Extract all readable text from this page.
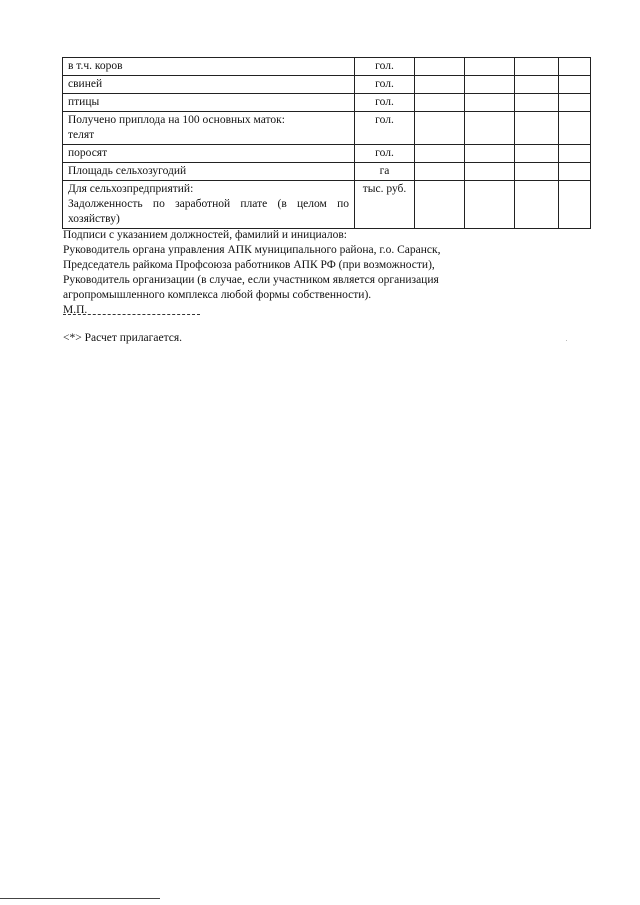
в т.ч. коров	гол.				
свиней	гол.				
птицы	гол.				

Получено приплода на 100 основных маток:
телят	гол.				
поросят	гол.				
Площадь сельхозугодий	га				

Для сельхозпредприятий:
Задолженность по заработной плате (в целом по хозяйству)	тыс. руб.				
Подписи с указанием должностей, фамилий и инициалов:
Руководитель органа управления АПК муниципального района, г.о. Саранск,
Председатель райкома Профсоюза работников АПК РФ (при возможности),
Руководитель организации (в случае, если участником является организация
агропромышленного комплекса любой формы собственности).
М.П.
<*> Расчет прилагается.
